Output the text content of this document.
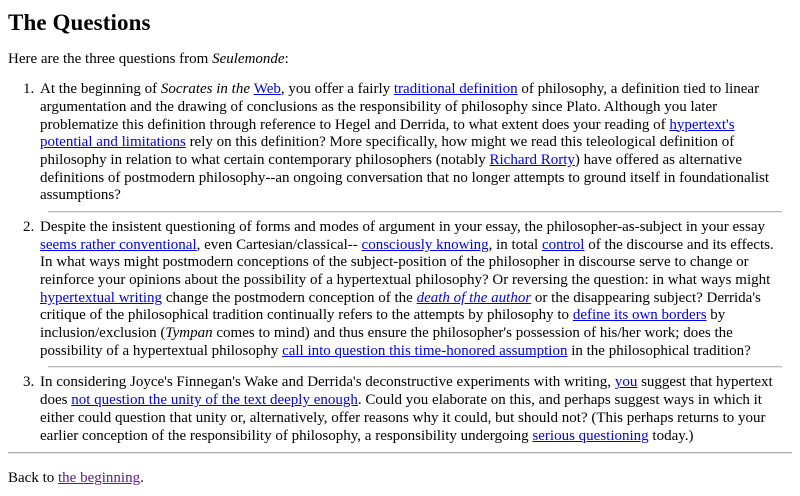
The Questions

Here are the three questions from Seulemonde:

1. At the beginning of Socrates in the Web, you offer a fairly traditional definition of philosophy, a definition tied to linear argumentation and the drawing of conclusions as the responsibility of philosophy since Plato. Although you later problematize this definition through reference to Hegel and Derrida, to what extent does your reading of hypertext's potential and limitations rely on this definition? More specifically, how might we read this teleological definition of philosophy in relation to what certain contemporary philosophers (notably Richard Rorty) have offered as alternative definitions of postmodern philosophy--an ongoing conversation that no longer attempts to ground itself in foundationalist assumptions?
2. Despite the insistent questioning of forms and modes of argument in your essay, the philosopher-as-subject in your essay seems rather conventional, even Cartesian/classical-- consciously knowing, in total control of the discourse and its effects. In what ways might postmodern conceptions of the subject-position of the philosopher in discourse serve to change or reinforce your opinions about the possibility of a hypertextual philosophy? Or reversing the question: in what ways might hypertextual writing change the postmodern conception of the death of the author or the disappearing subject? Derrida's critique of the philosophical tradition continually refers to the attempts by philosophy to define its own borders by inclusion/exclusion (Tympan comes to mind) and thus ensure the philosopher's possession of his/her work; does the possibility of a hypertextual philosophy call into question this time-honored assumption in the philosophical tradition?
3. In considering Joyce's Finnegan's Wake and Derrida's deconstructive experiments with writing, you suggest that hypertext does not question the unity of the text deeply enough. Could you elaborate on this, and perhaps suggest ways in which it either could question that unity or, alternatively, offer reasons why it could, but should not? (This perhaps returns to your earlier conception of the responsibility of philosophy, a responsibility undergoing serious questioning today.)

Back to the beginning.
